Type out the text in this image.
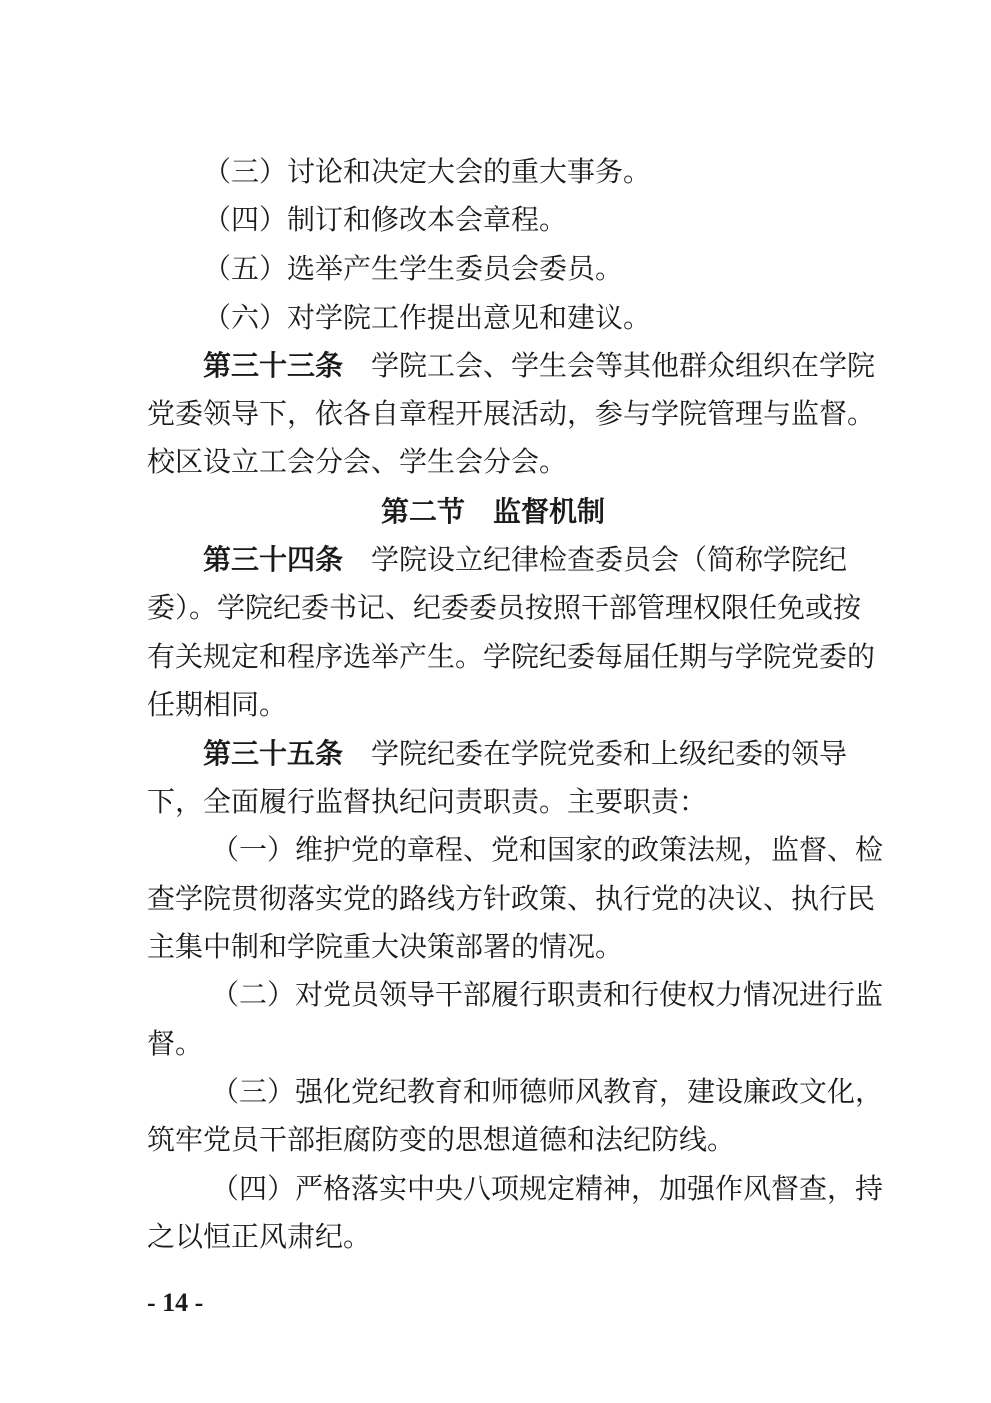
（三）讨论和决定大会的重大事务。
（四）制订和修改本会章程。
（五）选举产生学生委员会委员。
（六）对学院工作提出意见和建议。
第三十三条 学院工会、学生会等其他群众组织在学院
党委领导下，依各自章程开展活动，参与学院管理与监督。
校区设立工会分会、学生会分会。
第二节　监督机制
第三十四条 学院设立纪律检查委员会（简称学院纪
委）。学院纪委书记、纪委委员按照干部管理权限任免或按
有关规定和程序选举产生。学院纪委每届任期与学院党委的
任期相同。
第三十五条 学院纪委在学院党委和上级纪委的领导
下，全面履行监督执纪问责职责。主要职责：
（一）维护党的章程、党和国家的政策法规，监督、检
查学院贯彻落实党的路线方针政策、执行党的决议、执行民
主集中制和学院重大决策部署的情况。
（二）对党员领导干部履行职责和行使权力情况进行监
督。
（三）强化党纪教育和师德师风教育，建设廉政文化，
筑牢党员干部拒腐防变的思想道德和法纪防线。
（四）严格落实中央八项规定精神，加强作风督查，持
之以恒正风肃纪。
- 14 -
